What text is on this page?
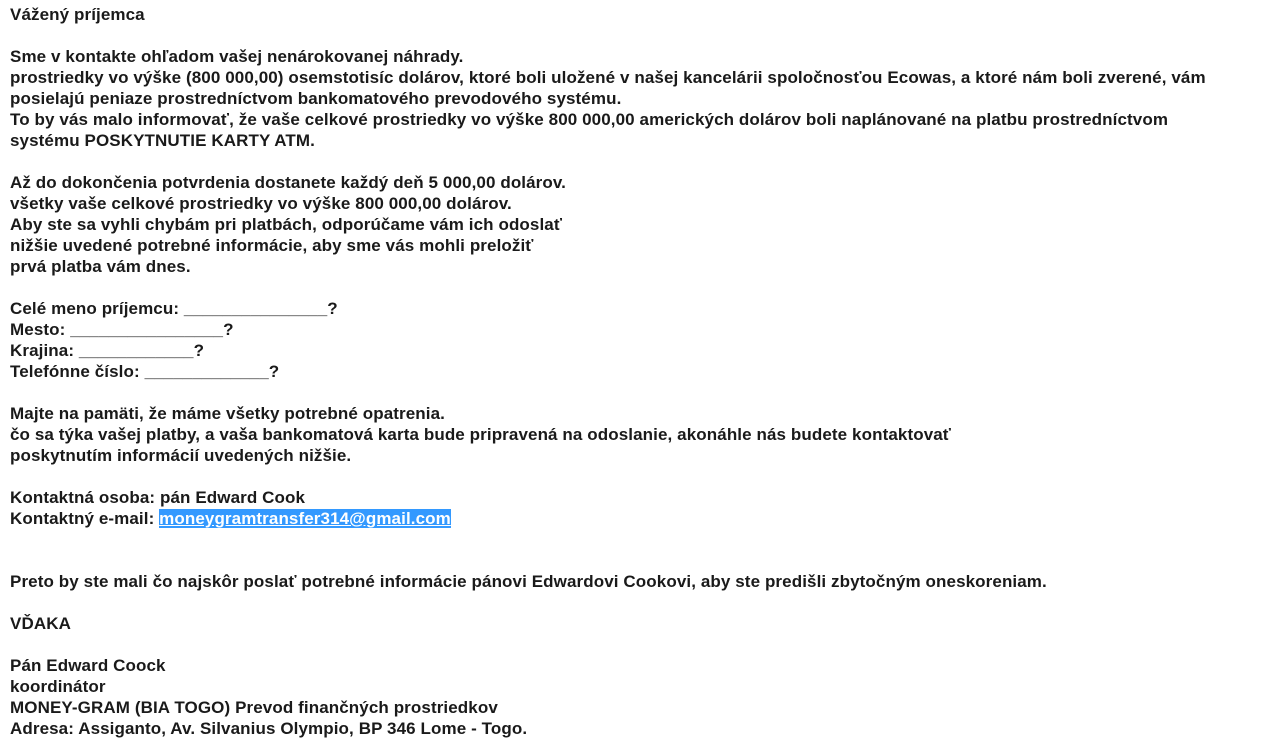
Vážený príjemca
Sme v kontakte ohľadom vašej nenárokovanej náhrady.
prostriedky vo výške (800 000,00) osemstotisíc dolárov, ktoré boli uložené v našej kancelárii spoločnosťou Ecowas, a ktoré nám boli zverené, vám
posielajú peniaze prostredníctvom bankomatového prevodového systému.
To by vás malo informovať, že vaše celkové prostriedky vo výške 800 000,00 amerických dolárov boli naplánované na platbu prostredníctvom
systému POSKYTNUTIE KARTY ATM.
Až do dokončenia potvrdenia dostanete každý deň 5 000,00 dolárov.
všetky vaše celkové prostriedky vo výške 800 000,00 dolárov.
Aby ste sa vyhli chybám pri platbách, odporúčame vám ich odoslať
nižšie uvedené potrebné informácie, aby sme vás mohli preložiť
prvá platba vám dnes.
Celé meno príjemcu: _______________?
Mesto: ________________?
Krajina: ____________?
Telefónne číslo: _____________?
Majte na pamäti, že máme všetky potrebné opatrenia.
čo sa týka vašej platby, a vaša bankomatová karta bude pripravená na odoslanie, akonáhle nás budete kontaktovať
poskytnutím informácií uvedených nižšie.
Kontaktná osoba: pán Edward Cook
Kontaktný e-mail: moneygramtransfer314@gmail.com
Preto by ste mali čo najskôr poslať potrebné informácie pánovi Edwardovi Cookovi, aby ste predišli zbytočným oneskoreniam.
VĎAKA
Pán Edward Coock
koordinátor
MONEY-GRAM (BIA TOGO) Prevod finančných prostriedkov
Adresa: Assiganto, Av. Silvanius Olympio, BP 346 Lome - Togo.
